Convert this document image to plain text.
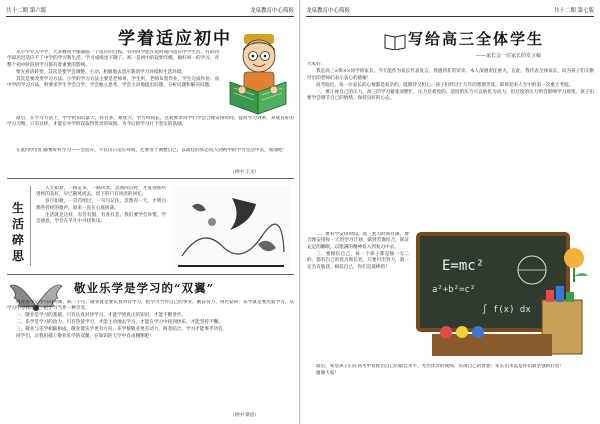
共十二期 第六版	龙泉教育中心简报
学着适应初中

从小学升入中学，大多数同学都面临一个适应的过程。有的同学能在短时间内适应中学生活，有的同学却迟迟适应不了中学的学习和生活，学习成绩也下降了。初一是初中的起始年级，搞好初一的学习，对整个初中阶段的学习都有着重要的影响。

要先看清转变，其次是要学会调整，主动、积极地去适应新的学习环境和生活环境。

其次是要改变学习方法。小学的学习方法主要是老师讲、学生听，老师布置作业，学生完成作业；而中学的学习方法，则要求学生学会自学，学会独立思考，学会主动地提出问题、分析问题和解决问题。

最后，在学习方法上，中学的知识量大，科目多，难度大，学习时间长，这就要求同学们学会合理安排时间，提高学习效率，养成良好的学习习惯。只有这样，才能在中学阶段取得优异的成绩，为今后的学习打下坚实的基础。

在此同学们们都要好好学习——会适应，不仅仅只适应环境，还要善于调整自己，以最佳的状态投入到初中的学习生活中去，加油吧！

（初中 王文）
生活碎思

人生如梦，一路走来，一路风景，忽然回首时，才发现那些曾经的美好，早已随风而去，留下的只有淡淡的回忆。

岁月如歌，一首首唱过，一句句记住，忽然有一天，才明白那些曾经的歌声，原来一直在心底回荡。

生活就是这样，有苦有甜，有喜有悲，我们要学会珍惜，学会感恩，学会在平凡中寻找快乐。

敬业乐学是学习的“双翼”

敬业乐学是学习的两翼，缺一不可。敬业就是要认真对待学习，把学习当作自己的事业，勤奋努力、刻苦钻研；乐学就是要热爱学习，从学习中寻找乐趣，把学习当作一种享受。

一、敬业是学习的基础。只有认真对待学习，才能学到真正的知识，才能不断进步。

二、乐学是学习的动力。只有热爱学习，才能主动地去学习，才能在学习中找到快乐，才能坚持不懈。

三、敬业与乐学相辅相成。敬业使乐学更有方向，乐学使敬业更有动力，两者结合，学习才能事半功倍。

同学们，让我们插上敬业乐学的双翼，在知识的天空中自由翱翔吧！

（初中 梁思）
龙泉教育中心简报	共十二期 第七版
写给高三全体学生
——家长会一位家长的发言稿
大家好：

我是高三×班××同学的家长，今天能作为家长代表发言，我感到非常荣幸。本人深感责任重大，在此，我代表全体家长，向为孩子们辛勤付出的老师们表示衷心的感谢！

高考临近，每一位家长的心情都是复杂的，既期待又担心。孩子们经过十几年的寒窗苦读，即将迎来人生中的第一次重大考验。

一、要正视自己的压力。高三的学习紧张而繁忙，压力是难免的。适度的压力可以转化为动力，但过度的压力则会影响学习效果。孩子们要学会调节自己的情绪，保持良好的心态。

二、要科学安排时间。高三复习时间有限，要合理安排每一天的学习计划，做到劳逸结合，保证充足的睡眠，以饱满的精神投入到复习中去。

三、要相信自己。每一个孩子都是独一无二的，都有自己的优点和长处。只要付出努力，就一定会有收获。相信自己，你们是最棒的！	E=mc²
a²+b²=c²
∫ f(x) dx

最后，希望孩子们在高考中发挥出自己的最佳水平，考出优异的成绩，实现自己的梦想！家长们永远是你们最坚强的后盾！

谢谢大家！
